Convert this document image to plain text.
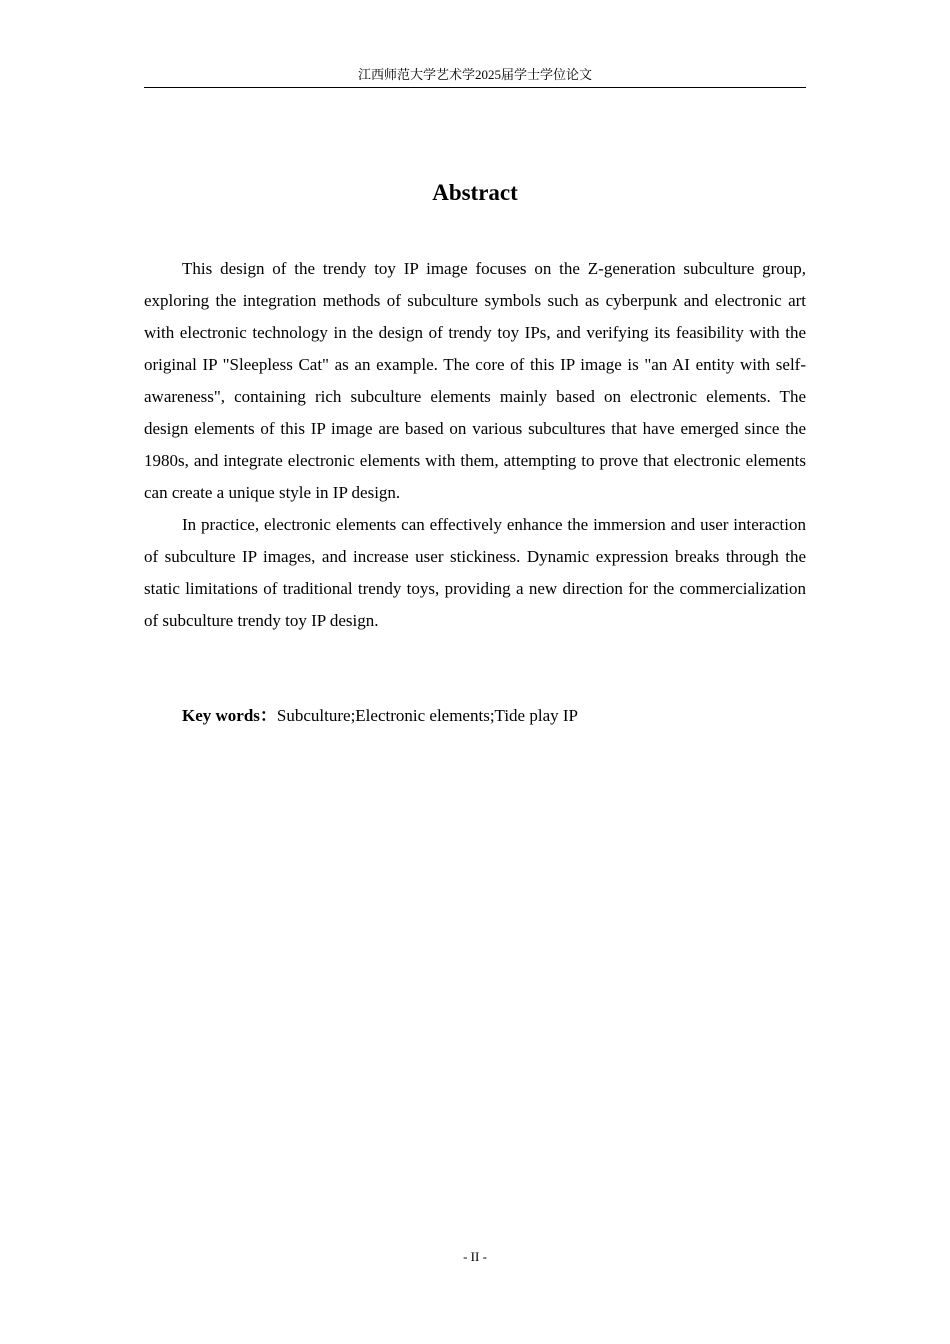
江西师范大学艺术学2025届学士学位论文
Abstract

This design of the trendy toy IP image focuses on the Z-generation subculture group, exploring the integration methods of subculture symbols such as cyberpunk and electronic art with electronic technology in the design of trendy toy IPs, and verifying its feasibility with the original IP "Sleepless Cat" as an example. The core of this IP image is "an AI entity with self-awareness", containing rich subculture elements mainly based on electronic elements. The design elements of this IP image are based on various subcultures that have emerged since the 1980s, and integrate electronic elements with them, attempting to prove that electronic elements can create a unique style in IP design.

In practice, electronic elements can effectively enhance the immersion and user interaction of subculture IP images, and increase user stickiness. Dynamic expression breaks through the static limitations of traditional trendy toys, providing a new direction for the commercialization of subculture trendy toy IP design.

Key words：Subculture;Electronic elements;Tide play IP
- II -
